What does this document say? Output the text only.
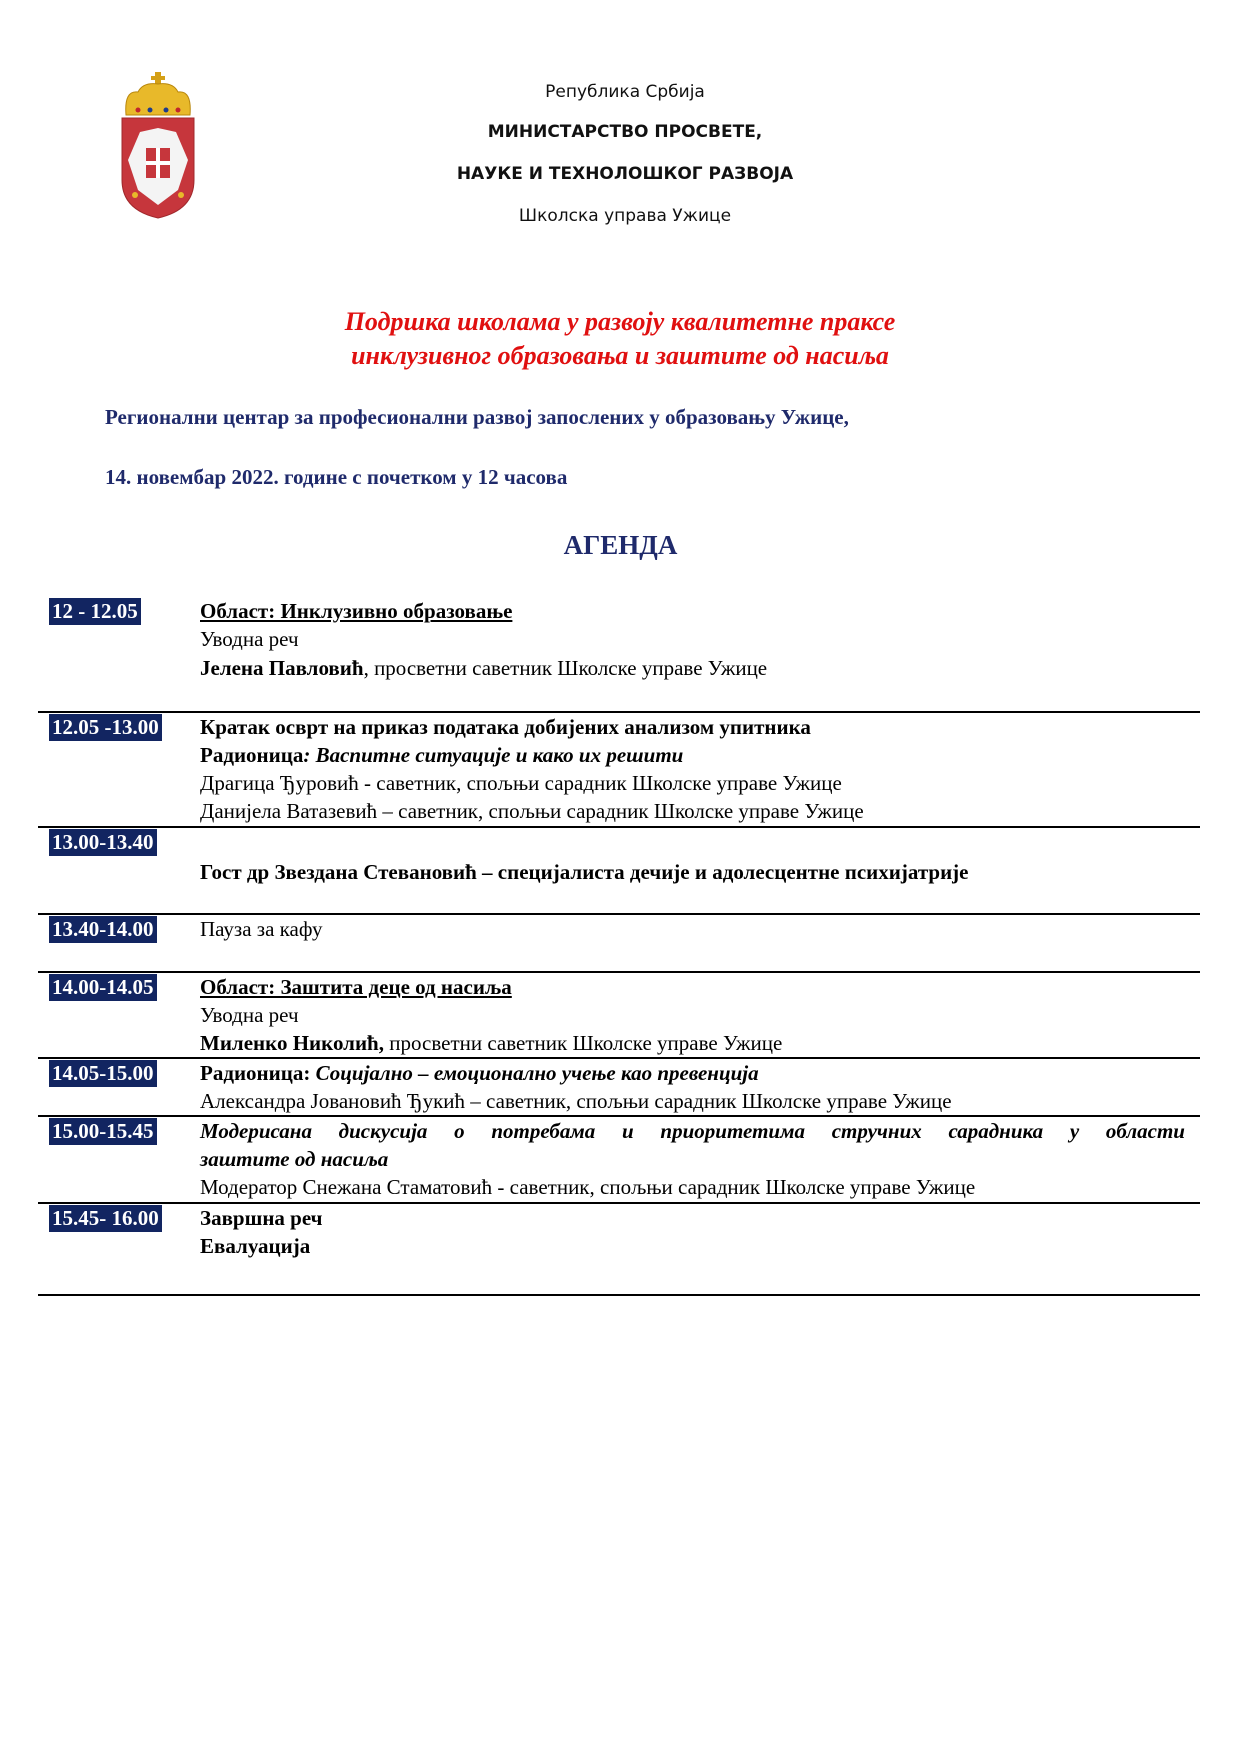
Република Србија
МИНИСТАРСТВО ПРОСВЕТЕ,
НАУКЕ И ТЕХНОЛОШКОГ РАЗВОЈА
Школска управа Ужице
Подршка школама у развоју квалитетне праксе
инклузивног образовања и заштите од насиља
Регионални центар за професионални развој запослених у образовању Ужице,
14. новембар 2022. године с почетком у 12 часова
АГЕНДА
12 - 12.05	Област: Инклузивно образовање
Уводна реч
Јелена Павловић, просветни саветник Школске управе Ужице
12.05 -13.00 Кратак осврт на приказ података добијених анализом упитника
Радионица: Васпитне ситуације и како их решити
Драгица Ђуровић - саветник, спољњи сарадник Школске управе Ужице
Данијела Ватазевић – саветник, спољњи сарадник Школске управе Ужице
13.00-13.40
Гост др Звездана Стевановић – специјалиста дечије и адолесцентне психијатрије
13.40-14.00 Пауза за кафу
14.00-14.05 Област: Заштита деце од насиља
Уводна реч
Миленко Николић, просветни саветник Школске управе Ужице
14.05-15.00 Радионица: Социјално – емоционално учење као превенција
Александра Јовановић Ђукић – саветник, спољњи сарадник Школске управе Ужице
15.00-15.45 Модерисана дискусија о потребама и приоритетима стручних сарадника у области
заштите од насиља
Модератор Снежана Стаматовић - саветник, спољњи сарадник Школске управе Ужице
15.45- 16.00 Завршна реч
Евалуација
